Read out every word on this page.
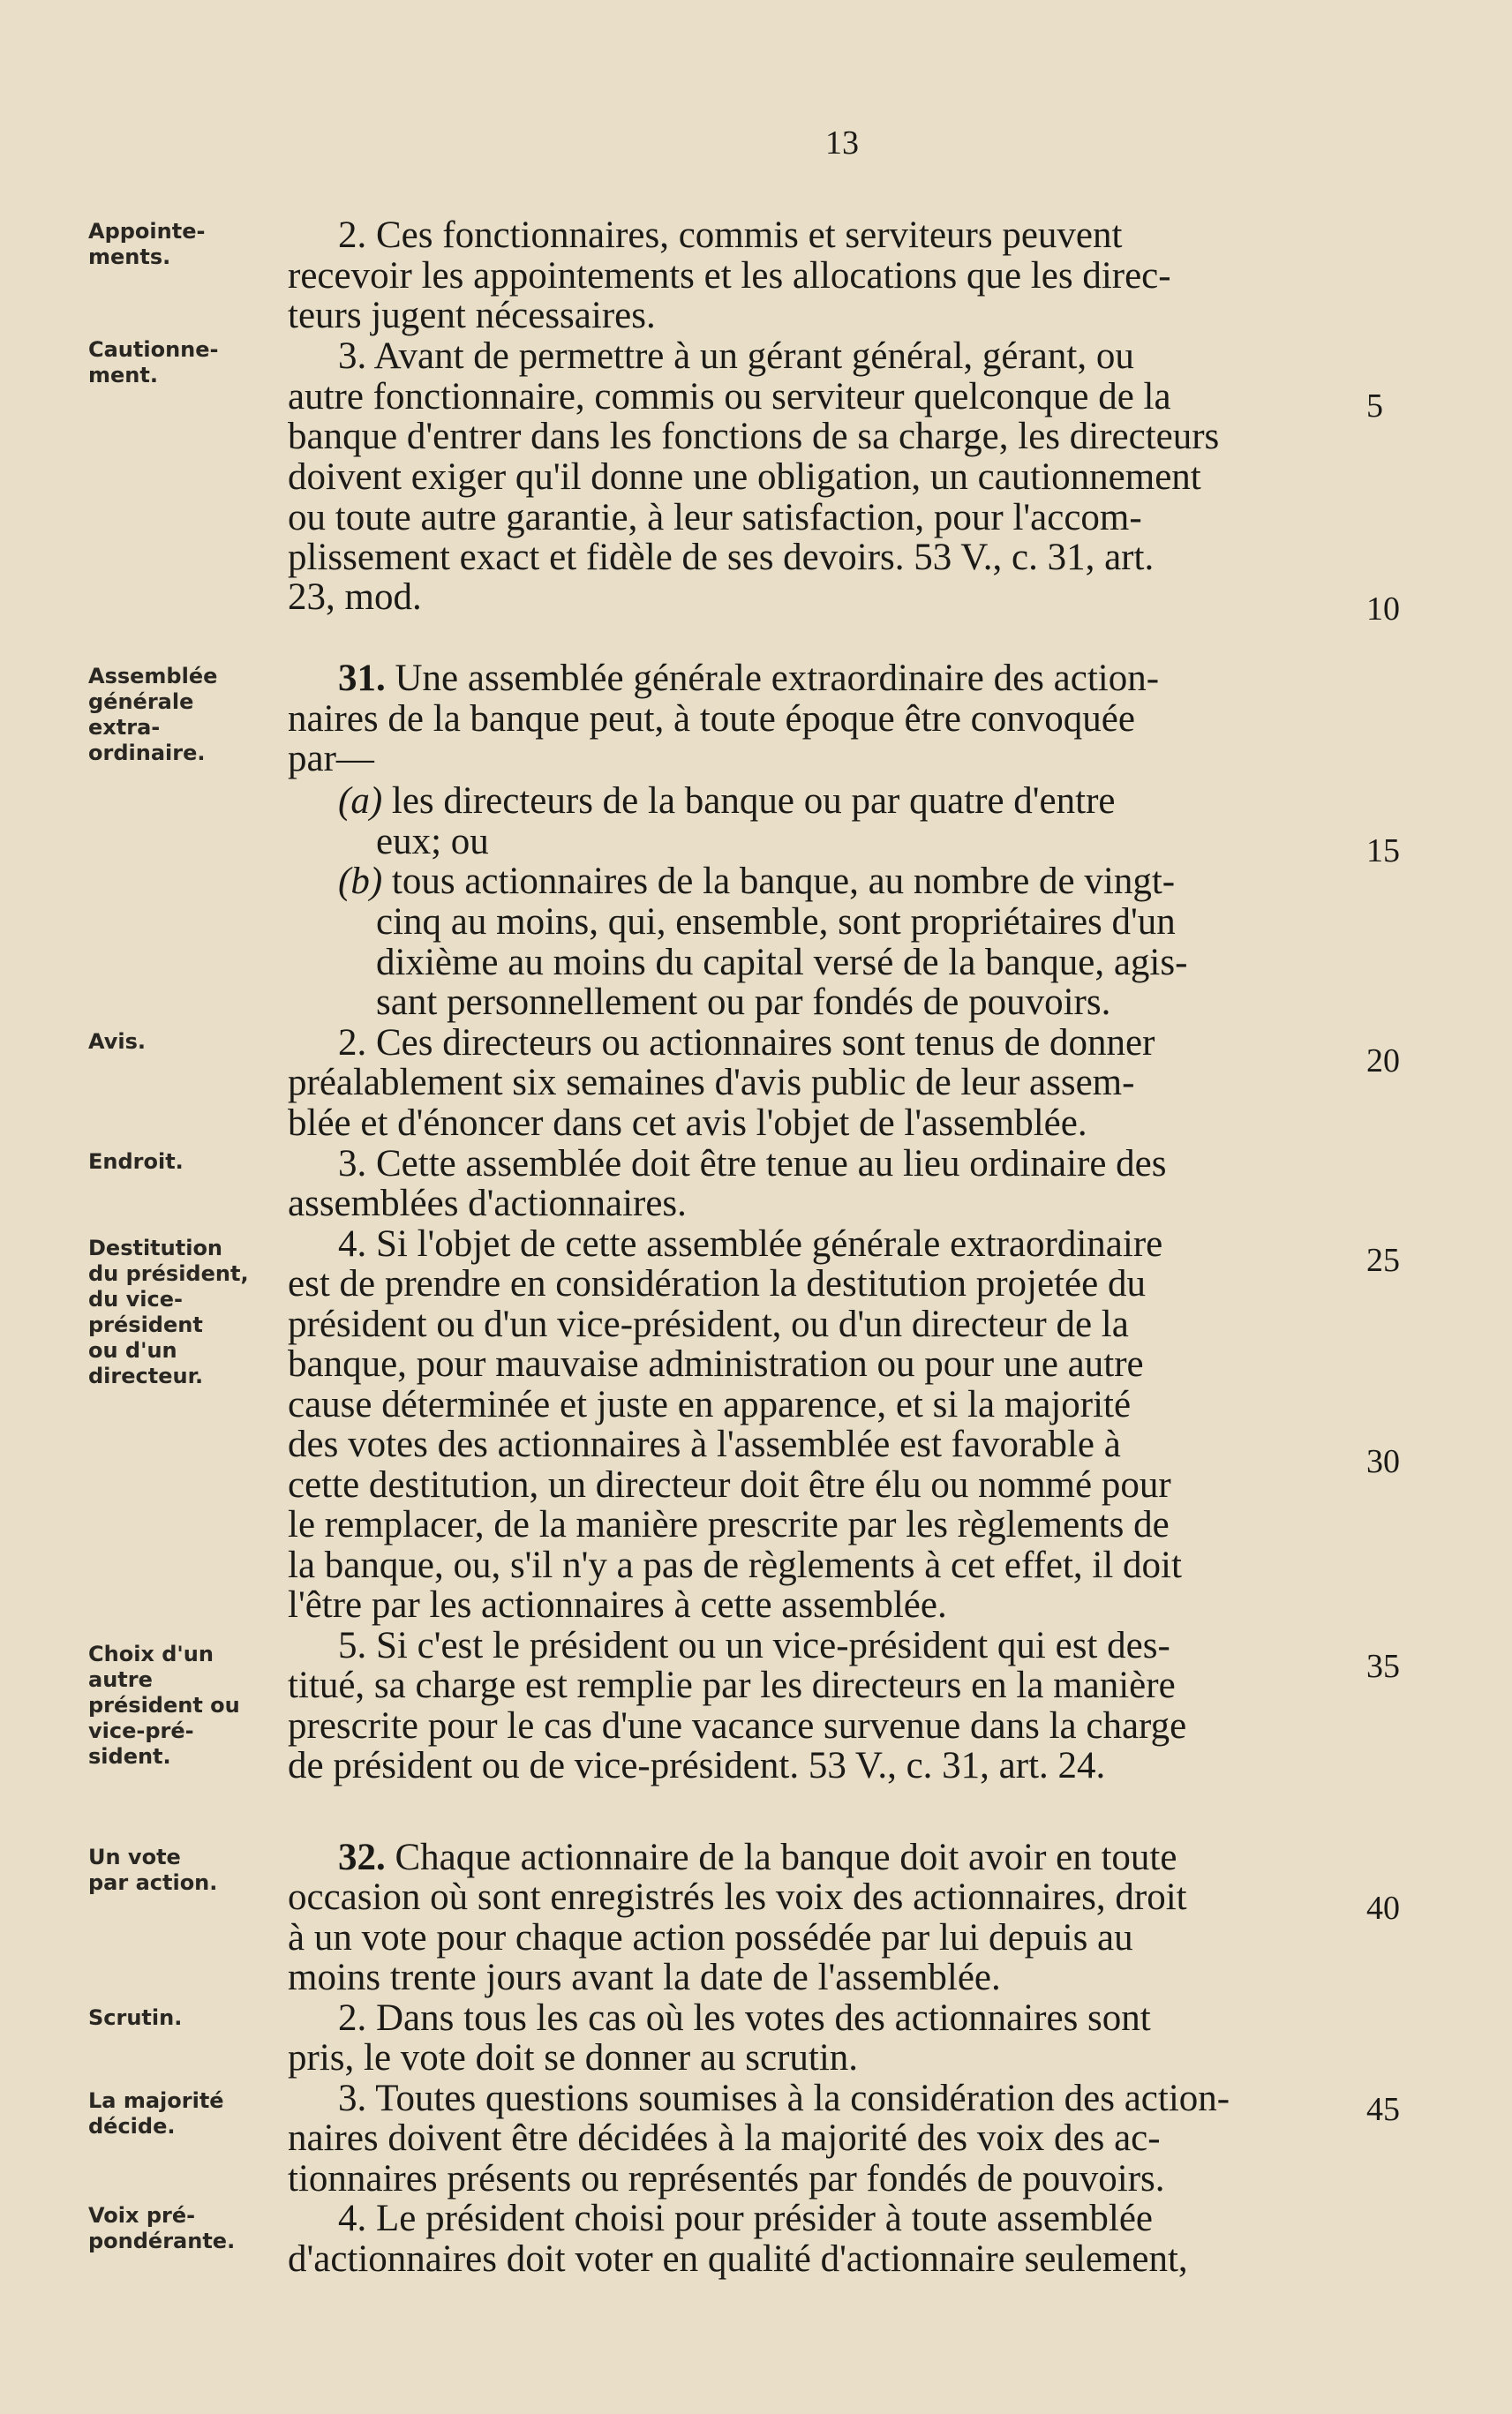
13
Appointe-
ments.
Cautionne-
ment.
Assemblée
générale
extra-
ordinaire.
Avis.
Endroit.
Destitution
du président,
du vice-
président
ou d'un
directeur.
Choix d'un
autre
président ou
vice-pré-
sident.
Un vote
par action.
Scrutin.
La majorité
décide.
Voix pré-
pondérante.
5
10
15
20
25
30
35
40
45
2. Ces fonctionnaires, commis et serviteurs peuvent
recevoir les appointements et les allocations que les direc-
teurs jugent nécessaires.
3. Avant de permettre à un gérant général, gérant, ou
autre fonctionnaire, commis ou serviteur quelconque de la
banque d'entrer dans les fonctions de sa charge, les directeurs
doivent exiger qu'il donne une obligation, un cautionnement
ou toute autre garantie, à leur satisfaction, pour l'accom-
plissement exact et fidèle de ses devoirs. 53 V., c. 31, art.
23, mod.
31. Une assemblée générale extraordinaire des action-
naires de la banque peut, à toute époque être convoquée
par—
(a) les directeurs de la banque ou par quatre d'entre
eux; ou
(b) tous actionnaires de la banque, au nombre de vingt-
cinq au moins, qui, ensemble, sont propriétaires d'un
dixième au moins du capital versé de la banque, agis-
sant personnellement ou par fondés de pouvoirs.
2. Ces directeurs ou actionnaires sont tenus de donner
préalablement six semaines d'avis public de leur assem-
blée et d'énoncer dans cet avis l'objet de l'assemblée.
3. Cette assemblée doit être tenue au lieu ordinaire des
assemblées d'actionnaires.
4. Si l'objet de cette assemblée générale extraordinaire
est de prendre en considération la destitution projetée du
président ou d'un vice-président, ou d'un directeur de la
banque, pour mauvaise administration ou pour une autre
cause déterminée et juste en apparence, et si la majorité
des votes des actionnaires à l'assemblée est favorable à
cette destitution, un directeur doit être élu ou nommé pour
le remplacer, de la manière prescrite par les règlements de
la banque, ou, s'il n'y a pas de règlements à cet effet, il doit
l'être par les actionnaires à cette assemblée.
5. Si c'est le président ou un vice-président qui est des-
titué, sa charge est remplie par les directeurs en la manière
prescrite pour le cas d'une vacance survenue dans la charge
de président ou de vice-président. 53 V., c. 31, art. 24.
32. Chaque actionnaire de la banque doit avoir en toute
occasion où sont enregistrés les voix des actionnaires, droit
à un vote pour chaque action possédée par lui depuis au
moins trente jours avant la date de l'assemblée.
2. Dans tous les cas où les votes des actionnaires sont
pris, le vote doit se donner au scrutin.
3. Toutes questions soumises à la considération des action-
naires doivent être décidées à la majorité des voix des ac-
tionnaires présents ou représentés par fondés de pouvoirs.
4. Le président choisi pour présider à toute assemblée
d'actionnaires doit voter en qualité d'actionnaire seulement,
